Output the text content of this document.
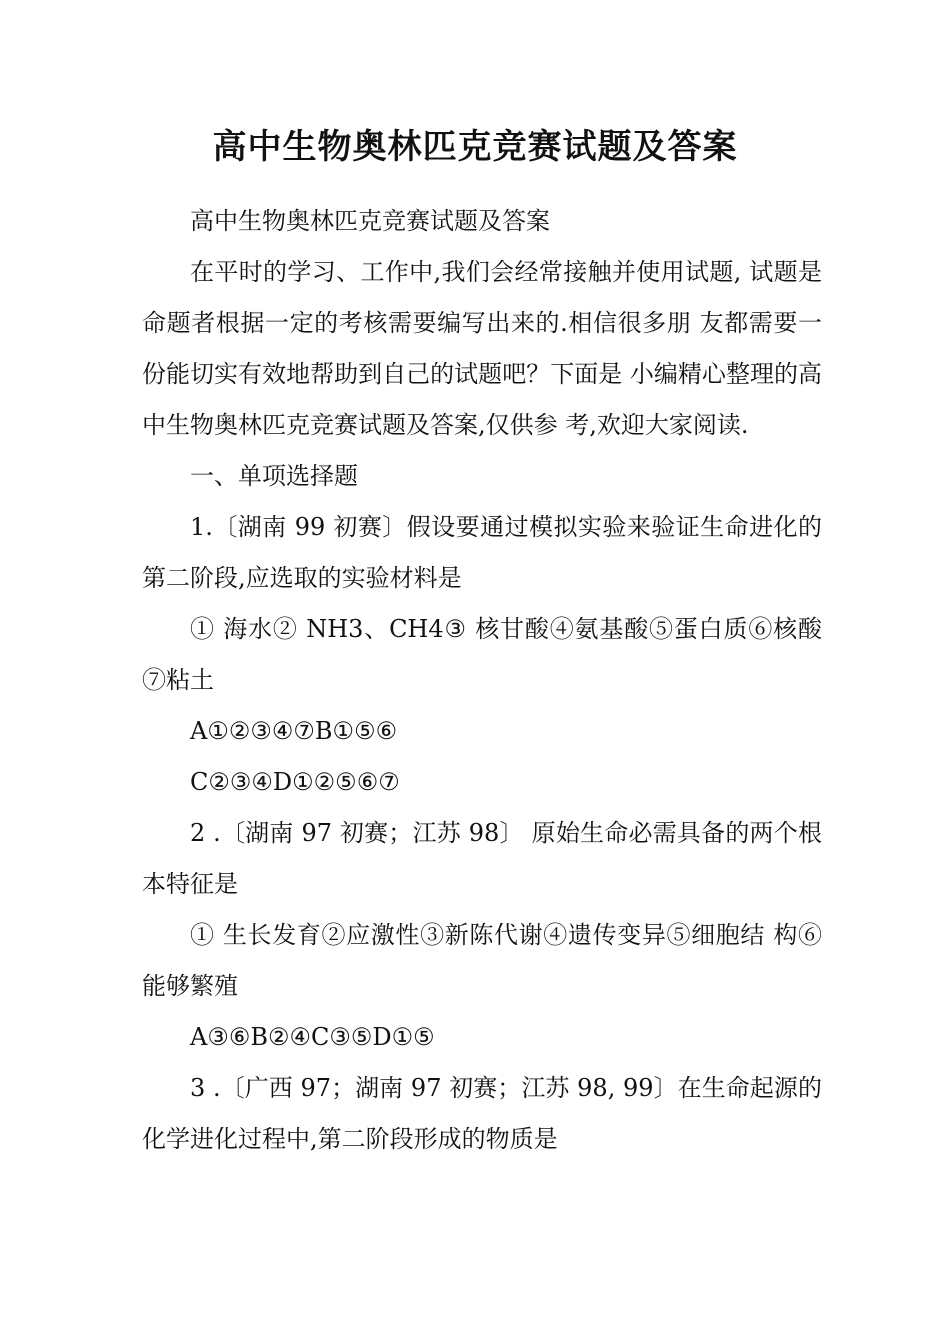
高中生物奥林匹克竞赛试题及答案

高中生物奥林匹克竞赛试题及答案

在平时的学习、工作中,我们会经常接触并使用试题, 试题是命题者根据一定的考核需要编写出来的.相信很多朋 友都需要一份能切实有效地帮助到自己的试题吧？下面是 小编精心整理的高中生物奥林匹克竞赛试题及答案,仅供参 考,欢迎大家阅读.

一、单项选择题

1.〔湖南 99 初赛〕假设要通过模拟实验来验证生命进化的第二阶段,应选取的实验材料是

① 海水② NH3、CH4③ 核甘酸④氨基酸⑤蛋白质⑥核酸⑦粘土

A①②③④⑦B①⑤⑥

C②③④D①②⑤⑥⑦

2 .〔湖南 97 初赛；江苏 98〕 原始生命必需具备的两个根本特征是

① 生长发育②应激性③新陈代谢④遗传变异⑤细胞结 构⑥能够繁殖

A③⑥B②④C③⑤D①⑤

3 .〔广西 97；湖南 97 初赛；江苏 98, 99〕在生命起源的化学进化过程中,第二阶段形成的物质是
